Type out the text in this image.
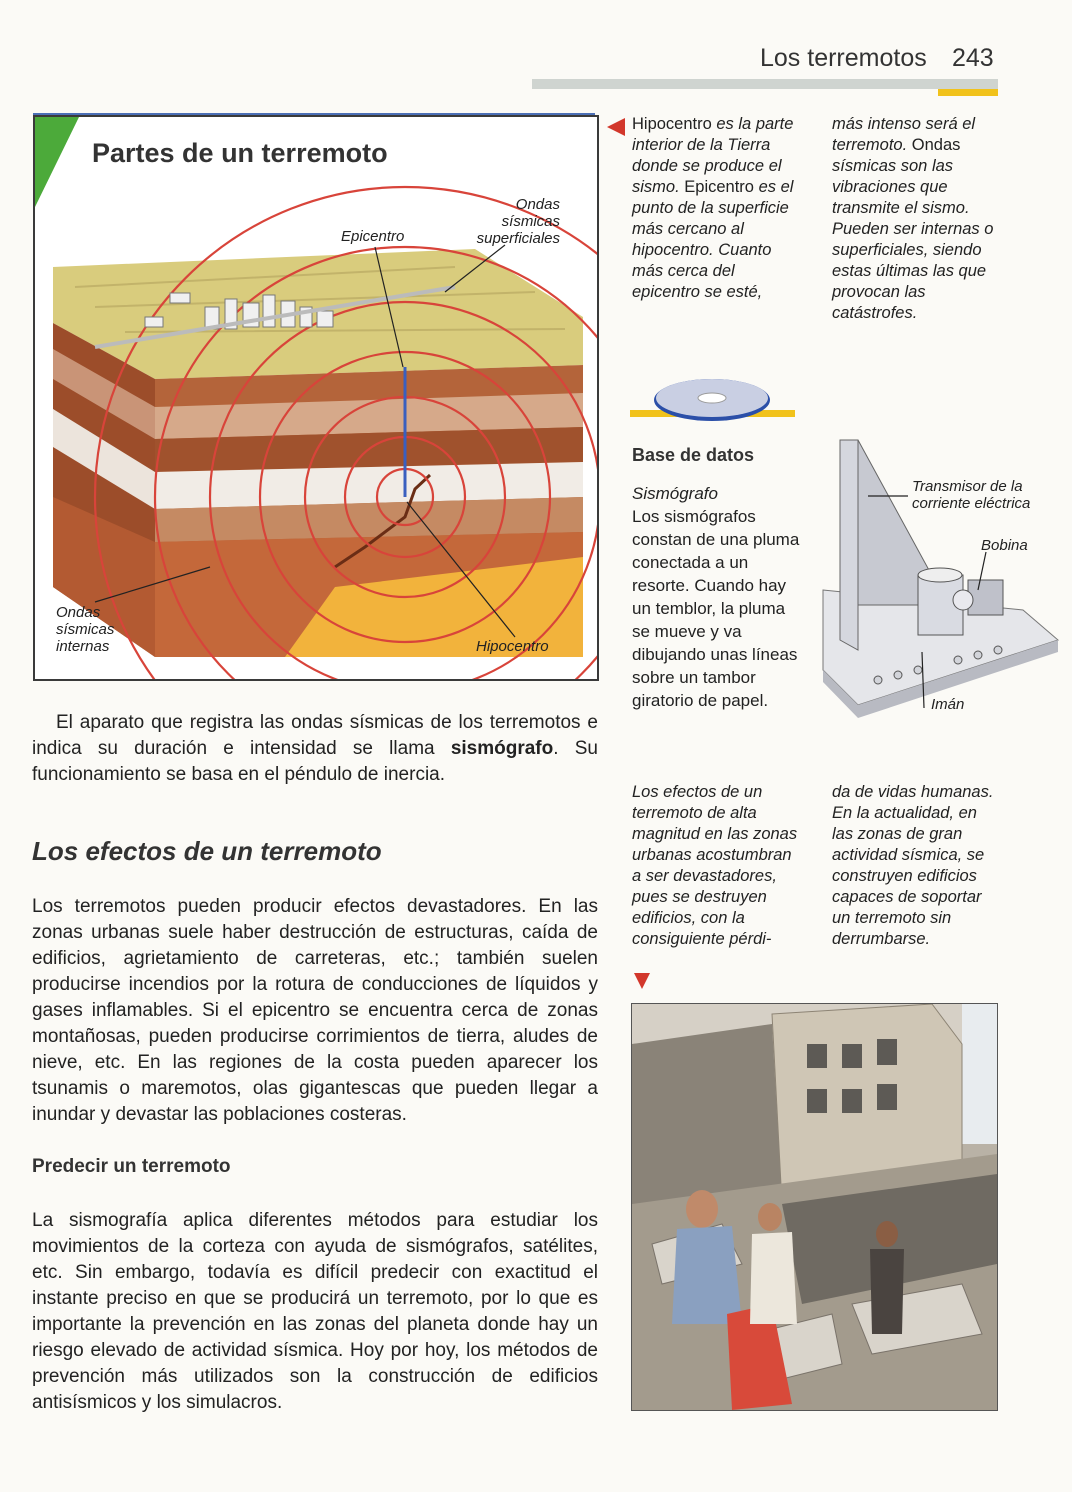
Los terremotos 243
Partes de un terremoto
Ondas
sísmicas
superficiales
Epicentro
Ondas
sísmicas
internas	Hipocentro
Hipocentro es la parte interior de la Tierra donde se produce el sismo. Epicentro es el punto de la superficie más cercano al hipocentro. Cuanto más cerca del epicentro se esté,
más intenso será el terremoto. Ondas sísmicas son las vibraciones que transmite el sismo. Pueden ser internas o superficiales, siendo estas últimas las que provocan las catástrofes.
Base de datos
Sismógrafo
Los sismógrafos constan de una pluma conectada a un resorte. Cuando hay un temblor, la pluma se mueve y va dibujando unas líneas sobre un tambor giratorio de papel.
Transmisor de la
corriente eléctrica
Bobina
Imán
El aparato que registra las ondas sísmicas de los terremotos e indica su duración e intensidad se llama sismógrafo. Su funcionamiento se basa en el péndulo de inercia.
Los efectos de un terremoto
Los terremotos pueden producir efectos devastadores. En las zonas urbanas suele haber destrucción de estructuras, caída de edificios, agrietamiento de carreteras, etc.; también suelen producirse incendios por la rotura de conducciones de líquidos y gases inflamables. Si el epicentro se encuentra cerca de zonas montañosas, pueden producirse corrimientos de tierra, aludes de nieve, etc. En las regiones de la costa pueden aparecer los tsunamis o maremotos, olas gigantescas que pueden llegar a inundar y devastar las poblaciones costeras.
Los efectos de un terremoto de alta magnitud en las zonas urbanas acostumbran a ser devastadores, pues se destruyen edificios, con la consiguiente pérdi-
da de vidas humanas. En la actualidad, en las zonas de gran actividad sísmica, se construyen edificios capaces de soportar un terremoto sin derrumbarse.
Predecir un terremoto
La sismografía aplica diferentes métodos para estudiar los movimientos de la corteza con ayuda de sismógrafos, satélites, etc. Sin embargo, todavía es difícil predecir con exactitud el instante preciso en que se producirá un terremoto, por lo que es importante la prevención en las zonas del planeta donde hay un riesgo elevado de actividad sísmica. Hoy por hoy, los métodos de prevención más utilizados son la construcción de edificios antisísmicos y los simulacros.
